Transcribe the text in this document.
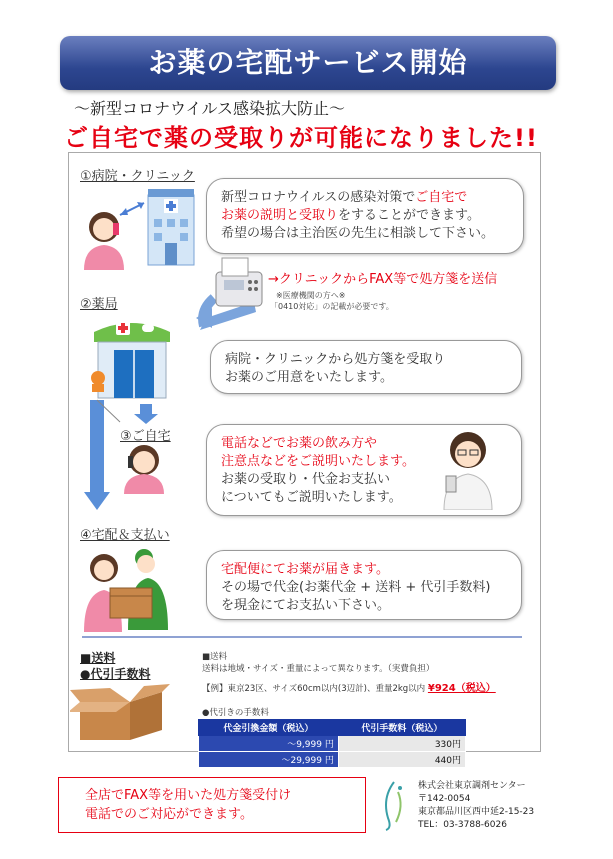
お薬の宅配サービス開始
～新型コロナウイルス感染拡大防止～
ご自宅で薬の受取りが可能になりました!!
①病院・クリニック
新型コロナウイルスの感染対策でご自宅で
お薬の説明と受取りをすることができます。
希望の場合は主治医の先生に相談して下さい。
→クリニックからFAX等で処方箋を送信
※医療機関の方へ※
「0410対応」の記載が必要です。
②薬局
病院・クリニックから処方箋を受取り
お薬のご用意をいたします。
③ご自宅	電話などでお薬の飲み方や
注意点などをご説明いたします。
お薬の受取り・代金お支払い
についてもご説明いたします。
④宅配＆支払い
宅配便にてお薬が届きます。
その場で代金(お薬代金 + 送料 + 代引手数料)
を現金にてお支払い下さい。
■送料
●代引手数料
■送料
送料は地域・サイズ・重量によって異なります。（実費負担）
【例】東京23区、サイズ60cm以内(3辺計)、重量2kg以内 ¥924（税込）
●代引きの手数料
代金引換金額（税込）	代引手数料（税込）
～9,999 円	330円
～29,999 円	440円
全店でFAX等を用いた処方箋受付け
電話でのご対応ができます。
株式会社東京調剤センター
〒142-0054
東京都品川区西中延2-15-23
TEL：03-3788-6026
